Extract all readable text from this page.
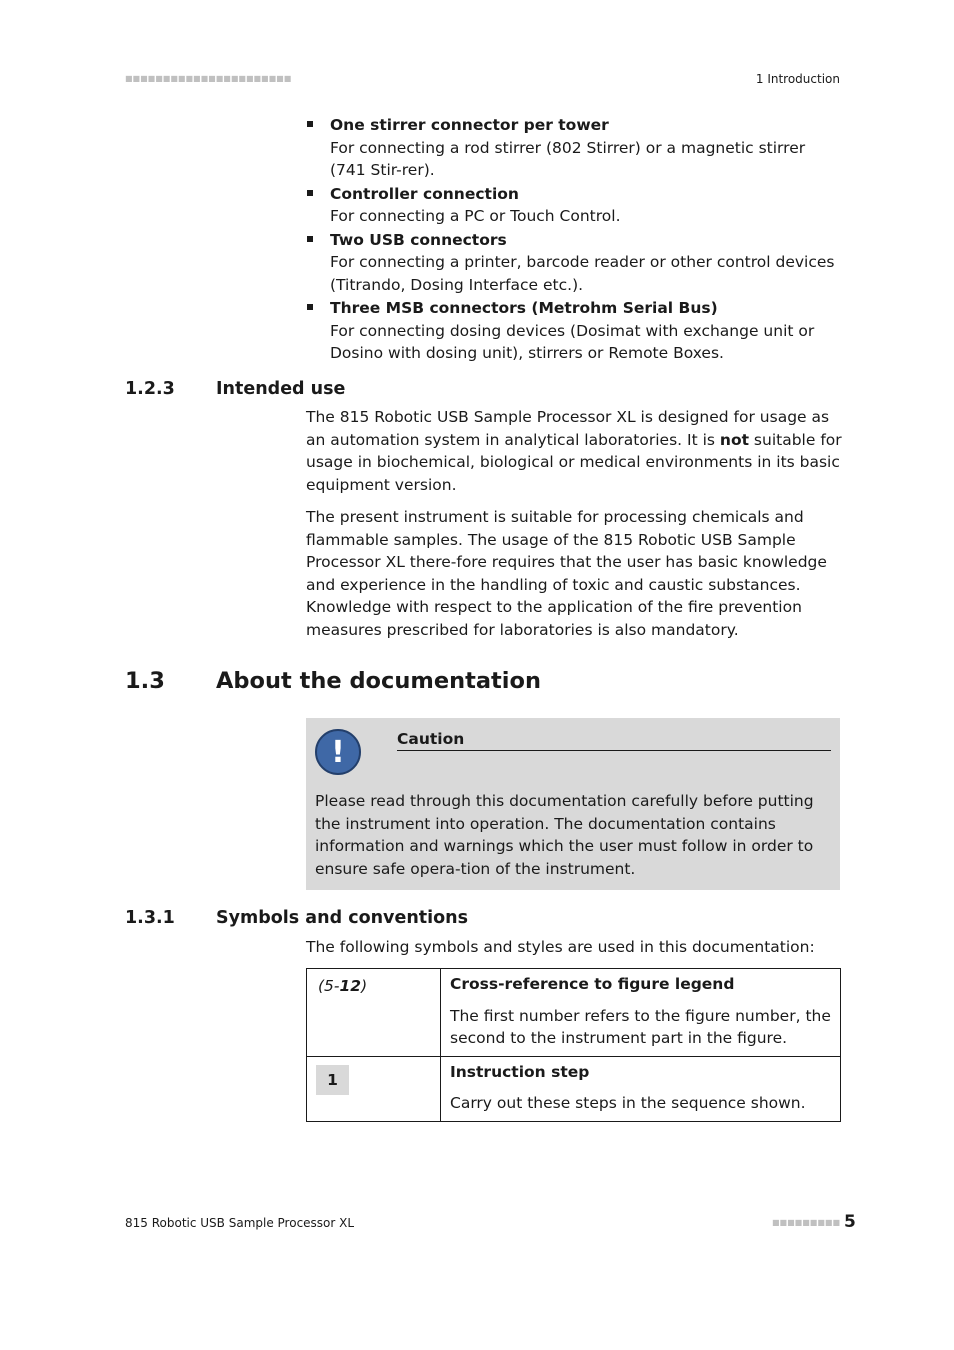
■■■■■■■■■■■■■■■■■■■■■■	1 Introduction
One stirrer connector per tower
For connecting a rod stirrer (802 Stirrer) or a magnetic stirrer (741 Stir-rer).
Controller connection
For connecting a PC or Touch Control.
Two USB connectors
For connecting a printer, barcode reader or other control devices (Titrando, Dosing Interface etc.).
Three MSB connectors (Metrohm Serial Bus)
For connecting dosing devices (Dosimat with exchange unit or Dosino with dosing unit), stirrers or Remote Boxes.
1.2.3 Intended use
The 815 Robotic USB Sample Processor XL is designed for usage as an automation system in analytical laboratories. It is not suitable for usage in biochemical, biological or medical environments in its basic equipment version.
The present instrument is suitable for processing chemicals and flammable samples. The usage of the 815 Robotic USB Sample Processor XL there-fore requires that the user has basic knowledge and experience in the handling of toxic and caustic substances. Knowledge with respect to the application of the fire prevention measures prescribed for laboratories is also mandatory.
1.3 About the documentation
!	Caution
Please read through this documentation carefully before putting the instrument into operation. The documentation contains information and warnings which the user must follow in order to ensure safe opera-tion of the instrument.
1.3.1 Symbols and conventions
The following symbols and styles are used in this documentation:
(5-12)	Cross-reference to figure legend
The first number refers to the figure number, the second to the instrument part in the figure.

1	Instruction step
Carry out these steps in the sequence shown.
815 Robotic USB Sample Processor XL	■■■■■■■■■ 5
